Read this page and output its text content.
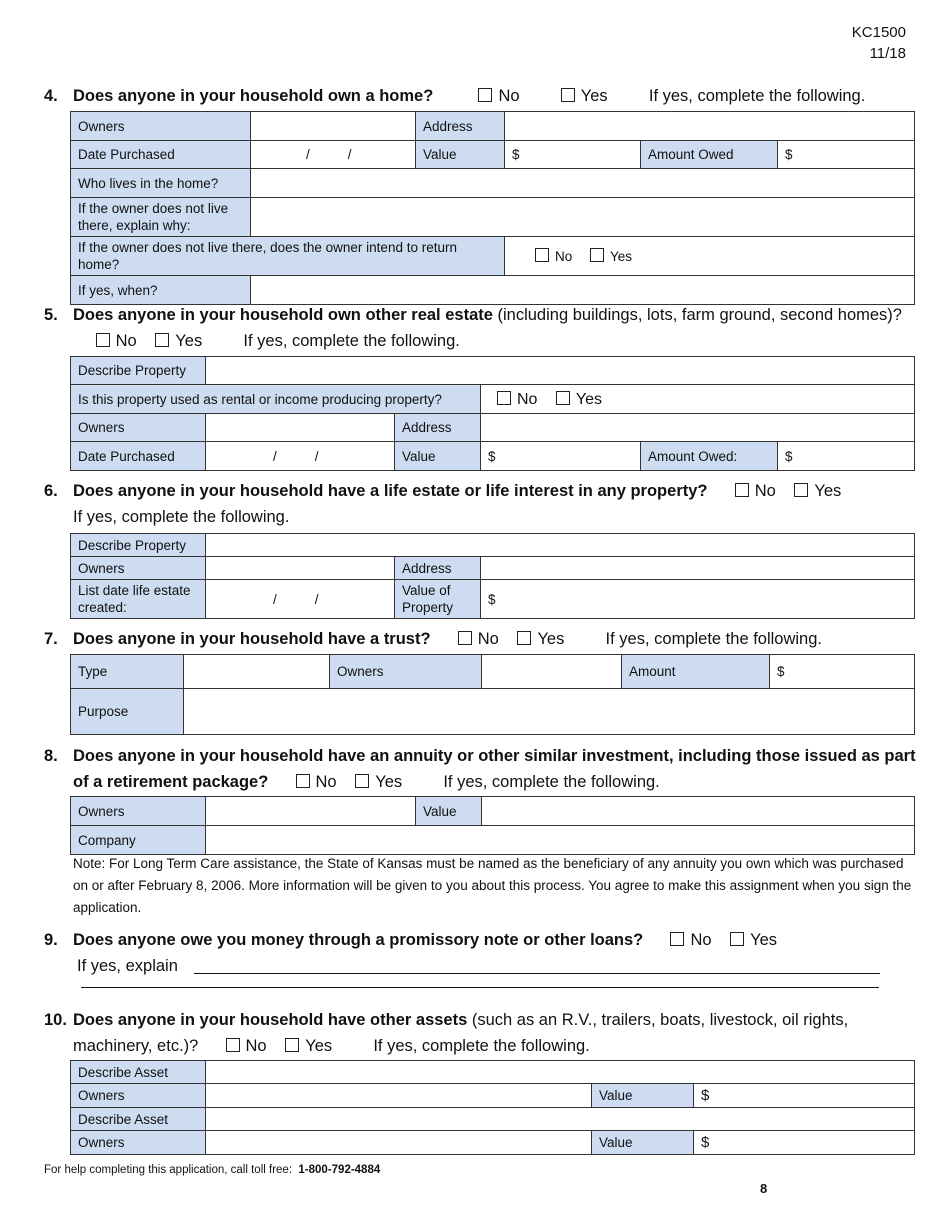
KC1500
11/18
4. Does anyone in your household own a home?	No	Yes If yes, complete the following.
Owners		Address			
Date Purchased	/ /	Value	$	Amount Owed	$
Who lives in the home?					
If the owner does not live there, explain why:					
If the owner does not live there, does the owner intend to return home?			No Yes		
If yes, when?					
5. Does anyone in your household own other real estate (including buildings, lots, farm ground, second homes)?  No Yes If yes, complete the following.
Describe Property					
Is this property used as rental or income producing property?			No Yes		
Owners		Address			
Date Purchased	/ /	Value	$	Amount Owed:	$
6. Does anyone in your household have a life estate or life interest in any property?	No Yes
If yes, complete the following.
Describe Property			
Owners		Address	
List date life estate created:	/ /	Value of Property	$
7. Does anyone in your household have a trust?	No Yes If yes, complete the following.
Type		Owners		Amount	$
Purpose					
8. Does anyone in your household have an annuity or other similar investment, including those issued as part of a retirement package?	No Yes If yes, complete the following.
Owners		Value	
Company			
Note: For Long Term Care assistance, the State of Kansas must be named as the beneficiary of any annuity you own which was purchased on or after February 8, 2006. More information will be given to you about this process. You agree to make this assignment when you sign the application.
9. Does anyone owe you money through a promissory note or other loans?	No Yes
If yes, explain
10. Does anyone in your household have other assets (such as an R.V., trailers, boats, livestock, oil rights, machinery, etc.)?	No Yes If yes, complete the following.
Describe Asset			
Owners		Value	$
Describe Asset			
Owners		Value	$
For help completing this application, call toll free: 1-800-792-4884
8
